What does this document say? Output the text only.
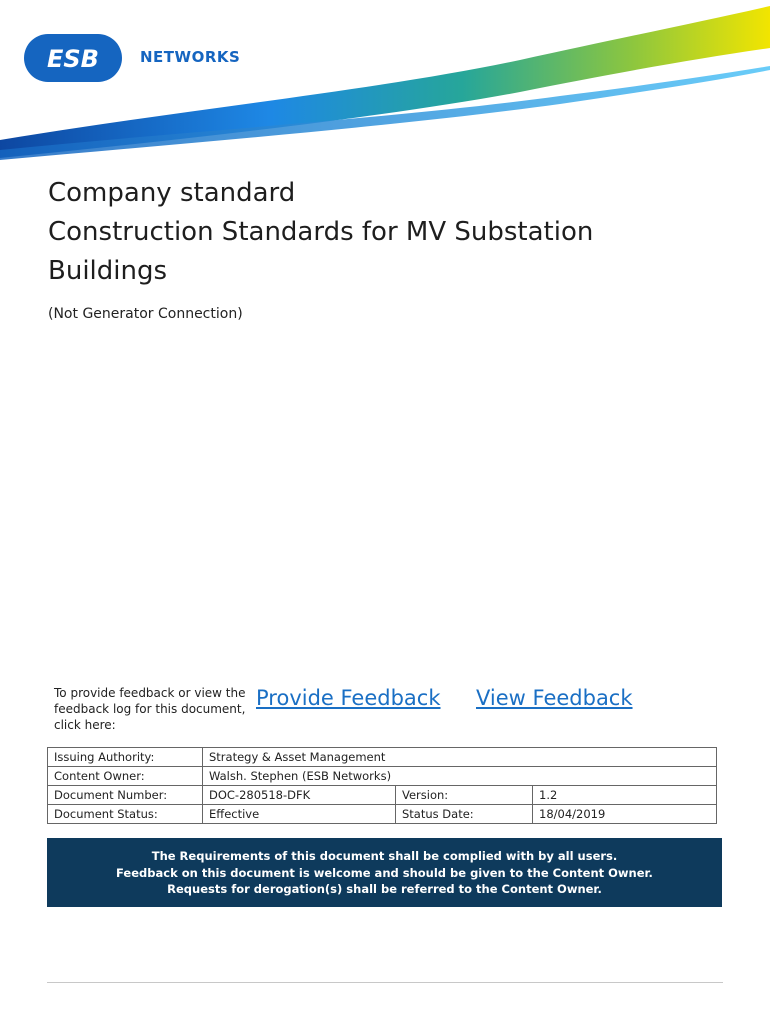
ESB	NETWORKS
Company standard
Construction Standards for MV Substation
Buildings
(Not Generator Connection)
To provide feedback or view the feedback log for this document, click here:
Provide Feedback View Feedback
Issuing Authority:	Strategy & Asset Management		
Content Owner:	Walsh. Stephen (ESB Networks)		
Document Number:	DOC-280518-DFK	Version:	1.2
Document Status:	Effective	Status Date:	18/04/2019
The Requirements of this document shall be complied with by all users.
Feedback on this document is welcome and should be given to the Content Owner.
Requests for derogation(s) shall be referred to the Content Owner.
